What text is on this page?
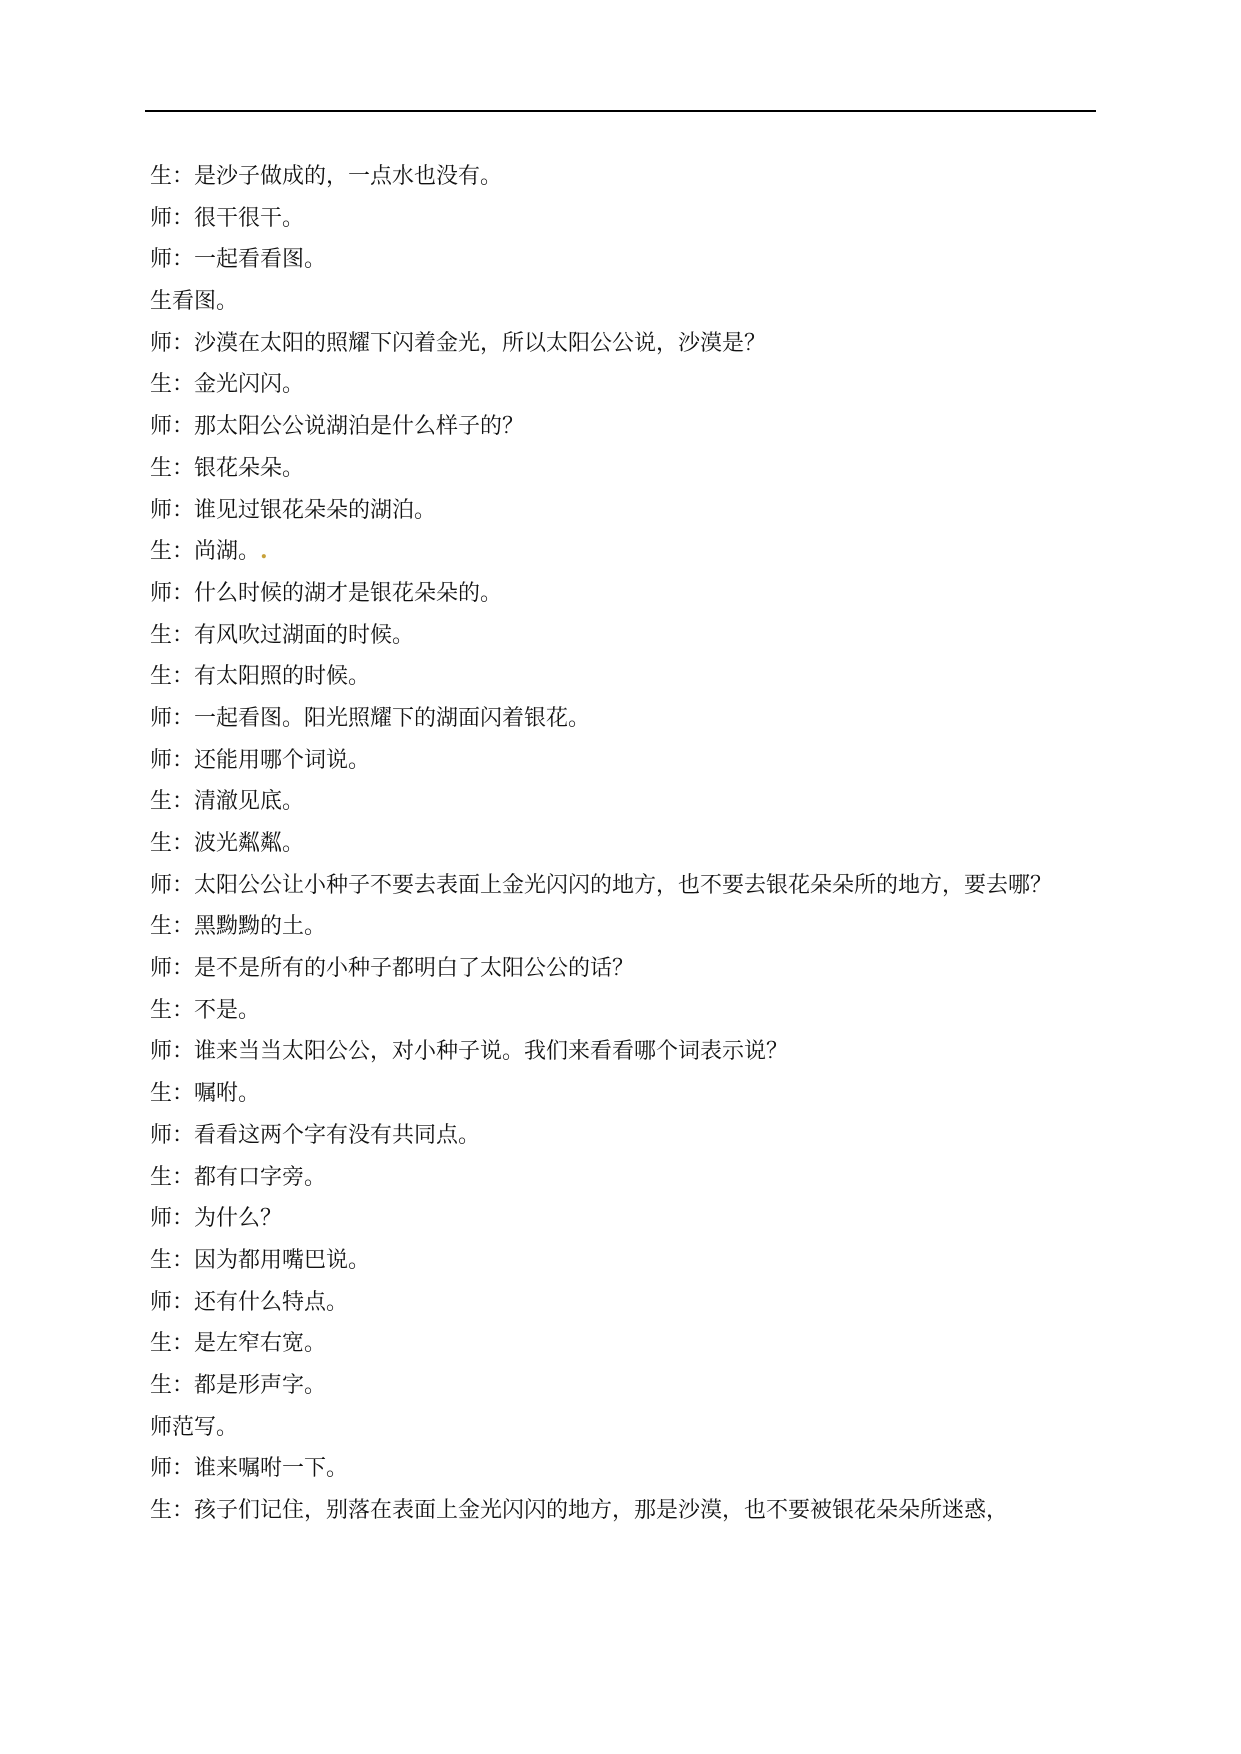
生：是沙子做成的，一点水也没有。
师：很干很干。
师：一起看看图。
生看图。
师：沙漠在太阳的照耀下闪着金光，所以太阳公公说，沙漠是？
生：金光闪闪。
师：那太阳公公说湖泊是什么样子的？
生：银花朵朵。
师：谁见过银花朵朵的湖泊。
生：尚湖。.
师：什么时候的湖才是银花朵朵的。
生：有风吹过湖面的时候。
生：有太阳照的时候。
师：一起看图。阳光照耀下的湖面闪着银花。
师：还能用哪个词说。
生：清澈见底。
生：波光粼粼。
师：太阳公公让小种子不要去表面上金光闪闪的地方，也不要去银花朵朵所的地方，要去哪？
生：黑黝黝的土。
师：是不是所有的小种子都明白了太阳公公的话？
生：不是。
师：谁来当当太阳公公，对小种子说。我们来看看哪个词表示说？
生：嘱咐。
师：看看这两个字有没有共同点。
生：都有口字旁。
师：为什么？
生：因为都用嘴巴说。
师：还有什么特点。
生：是左窄右宽。
生：都是形声字。
师范写。
师：谁来嘱咐一下。
生：孩子们记住，别落在表面上金光闪闪的地方，那是沙漠，也不要被银花朵朵所迷惑，
